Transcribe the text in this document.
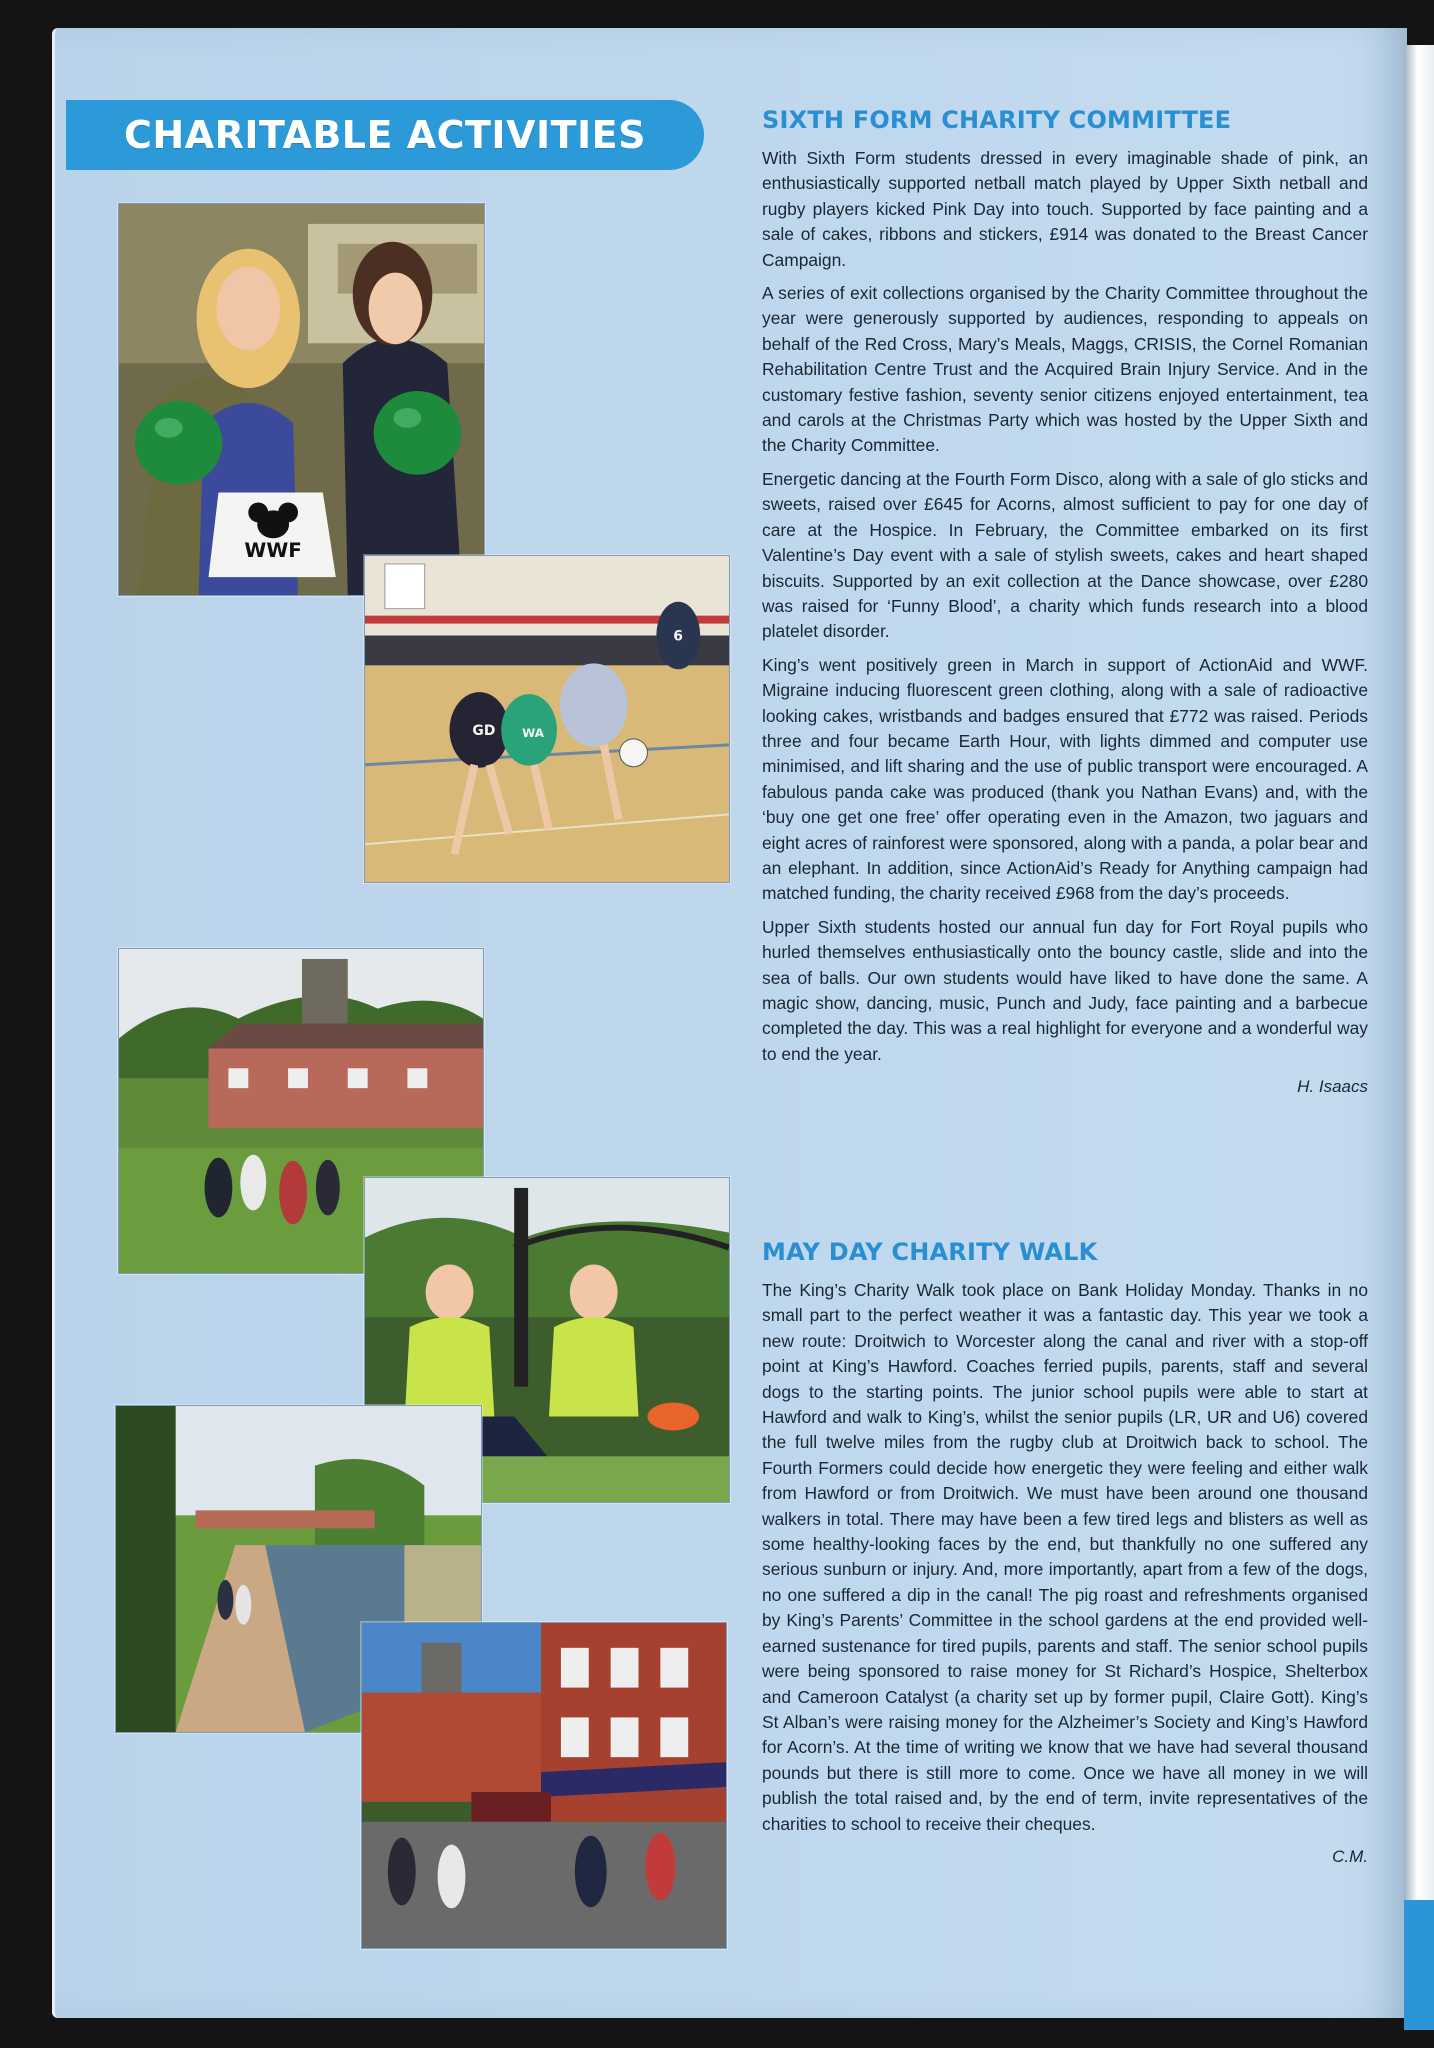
CHARITABLE ACTIVITIES
WWF
GD WA
6
SIXTH FORM CHARITY COMMITTEE

With Sixth Form students dressed in every imaginable shade of pink, an enthusiastically supported netball match played by Upper Sixth netball and rugby players kicked Pink Day into touch. Supported by face painting and a sale of cakes, ribbons and stickers, £914 was donated to the Breast Cancer Campaign.

A series of exit collections organised by the Charity Committee throughout the year were generously supported by audiences, responding to appeals on behalf of the Red Cross, Mary’s Meals, Maggs, CRISIS, the Cornel Romanian Rehabilitation Centre Trust and the Acquired Brain Injury Service. And in the customary festive fashion, seventy senior citizens enjoyed entertainment, tea and carols at the Christmas Party which was hosted by the Upper Sixth and the Charity Committee.

Energetic dancing at the Fourth Form Disco, along with a sale of glo sticks and sweets, raised over £645 for Acorns, almost sufficient to pay for one day of care at the Hospice. In February, the Committee embarked on its first Valentine’s Day event with a sale of stylish sweets, cakes and heart shaped biscuits. Supported by an exit collection at the Dance showcase, over £280 was raised for ‘Funny Blood’, a charity which funds research into a blood platelet disorder.

King’s went positively green in March in support of ActionAid and WWF. Migraine inducing fluorescent green clothing, along with a sale of radioactive looking cakes, wristbands and badges ensured that £772 was raised. Periods three and four became Earth Hour, with lights dimmed and computer use minimised, and lift sharing and the use of public transport were encouraged. A fabulous panda cake was produced (thank you Nathan Evans) and, with the ‘buy one get one free’ offer operating even in the Amazon, two jaguars and eight acres of rainforest were sponsored, along with a panda, a polar bear and an elephant. In addition, since ActionAid’s Ready for Anything campaign had matched funding, the charity received £968 from the day’s proceeds.

Upper Sixth students hosted our annual fun day for Fort Royal pupils who hurled themselves enthusiastically onto the bouncy castle, slide and into the sea of balls. Our own students would have liked to have done the same. A magic show, dancing, music, Punch and Judy, face painting and a barbecue completed the day. This was a real highlight for everyone and a wonderful way to end the year.

H. Isaacs
MAY DAY CHARITY WALK

The King’s Charity Walk took place on Bank Holiday Monday. Thanks in no small part to the perfect weather it was a fantastic day. This year we took a new route: Droitwich to Worcester along the canal and river with a stop-off point at King’s Hawford. Coaches ferried pupils, parents, staff and several dogs to the starting points. The junior school pupils were able to start at Hawford and walk to King’s, whilst the senior pupils (LR, UR and U6) covered the full twelve miles from the rugby club at Droitwich back to school. The Fourth Formers could decide how energetic they were feeling and either walk from Hawford or from Droitwich. We must have been around one thousand walkers in total. There may have been a few tired legs and blisters as well as some healthy-looking faces by the end, but thankfully no one suffered any serious sunburn or injury. And, more importantly, apart from a few of the dogs, no one suffered a dip in the canal! The pig roast and refreshments organised by King’s Parents’ Committee in the school gardens at the end provided well-earned sustenance for tired pupils, parents and staff. The senior school pupils were being sponsored to raise money for St Richard’s Hospice, Shelterbox and Cameroon Catalyst (a charity set up by former pupil, Claire Gott). King’s St Alban’s were raising money for the Alzheimer’s Society and King’s Hawford for Acorn’s. At the time of writing we know that we have had several thousand pounds but there is still more to come. Once we have all money in we will publish the total raised and, by the end of term, invite representatives of the charities to school to receive their cheques.

C.M.
